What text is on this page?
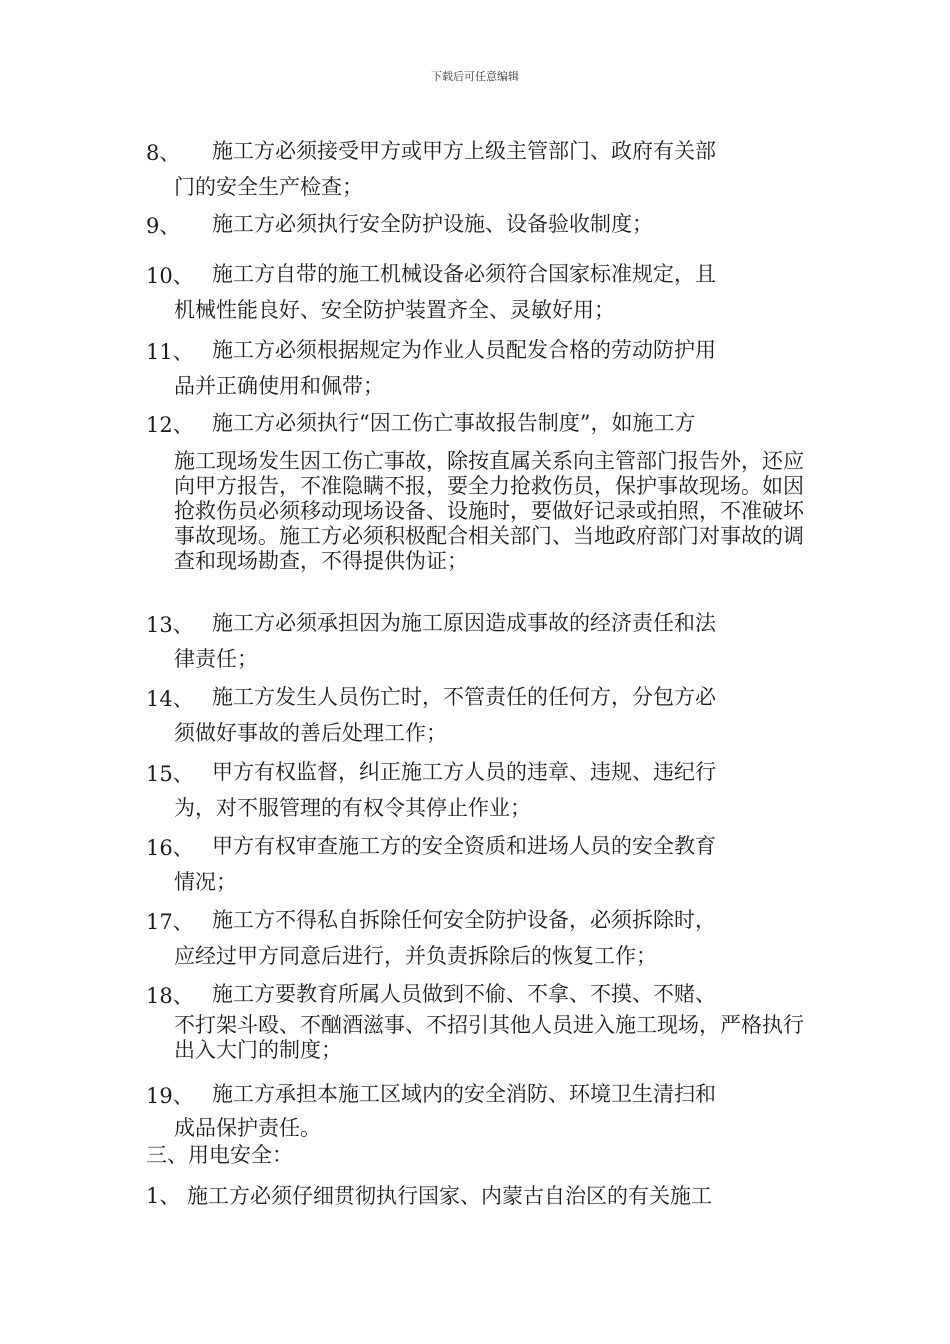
下载后可任意编辑
8、 施工方必须接受甲方或甲方上级主管部门、政府有关部
门的安全生产检查；
9、 施工方必须执行安全防护设施、设备验收制度；
10、 施工方自带的施工机械设备必须符合国家标准规定，且
机械性能良好、安全防护装置齐全、灵敏好用；
11、 施工方必须根据规定为作业人员配发合格的劳动防护用
品并正确使用和佩带；
12、 施工方必须执行“因工伤亡事故报告制度”，如施工方
施工现场发生因工伤亡事故，除按直属关系向主管部门报告外，还应向甲方报告，不准隐瞒不报，要全力抢救伤员，保护事故现场。如因抢救伤员必须移动现场设备、设施时，要做好记录或拍照，不准破坏事故现场。施工方必须积极配合相关部门、当地政府部门对事故的调查和现场勘查，不得提供伪证；
13、 施工方必须承担因为施工原因造成事故的经济责任和法
律责任；
14、 施工方发生人员伤亡时，不管责任的任何方，分包方必
须做好事故的善后处理工作；
15、 甲方有权监督，纠正施工方人员的违章、违规、违纪行
为，对不服管理的有权令其停止作业；
16、 甲方有权审查施工方的安全资质和进场人员的安全教育
情况；
17、 施工方不得私自拆除任何安全防护设备，必须拆除时，
应经过甲方同意后进行，并负责拆除后的恢复工作；
18、 施工方要教育所属人员做到不偷、不拿、不摸、不赌、
不打架斗殴、不酗酒滋事、不招引其他人员进入施工现场，严格执行出入大门的制度；
19、 施工方承担本施工区域内的安全消防、环境卫生清扫和
成品保护责任。
三、用电安全：
1、 施工方必须仔细贯彻执行国家、内蒙古自治区的有关施工
